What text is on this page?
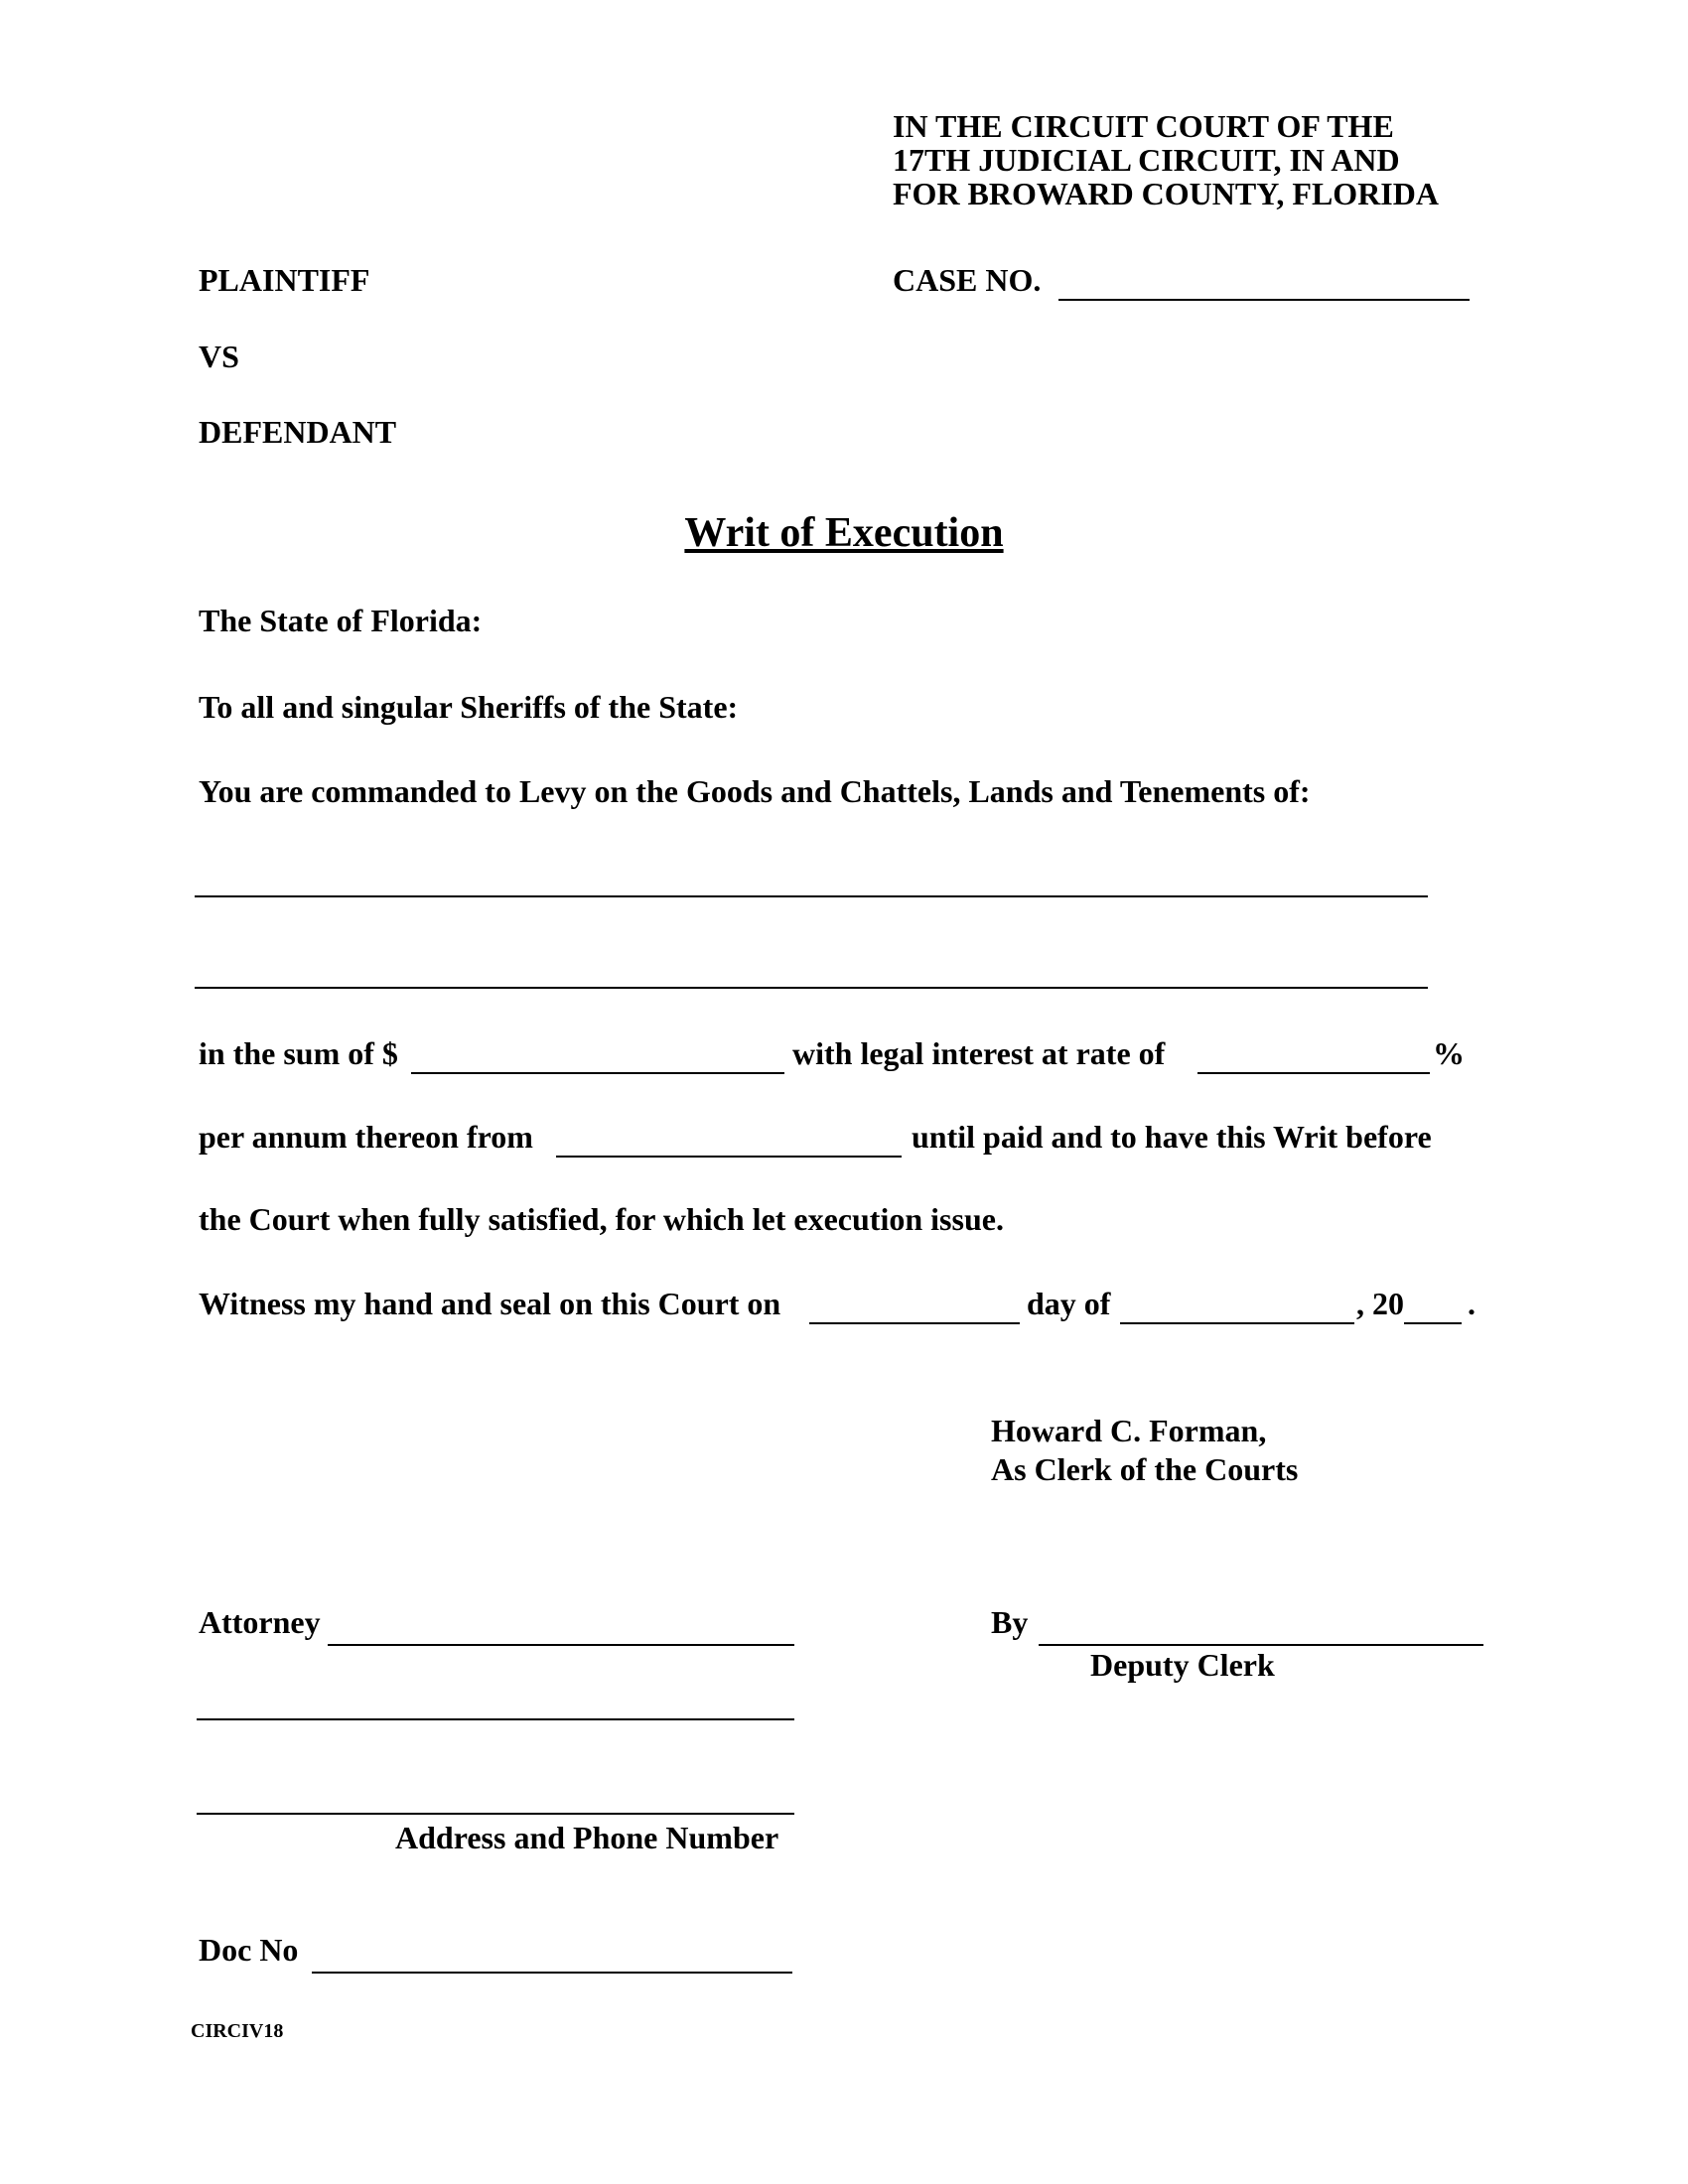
IN THE CIRCUIT COURT OF THE
17TH JUDICIAL CIRCUIT, IN AND
FOR BROWARD COUNTY, FLORIDA
PLAINTIFF
VS
DEFENDANT
CASE NO.
Writ of Execution
The State of Florida:
To all and singular Sheriffs of the State:
You are commanded to Levy on the Goods and Chattels, Lands and Tenements of:
in the sum of $	with legal interest at rate of	%
per annum thereon from	until paid and to have this Writ before
the Court when fully satisfied, for which let execution issue.
Witness my hand and seal on this Court on	day of	, 20 .
Howard C. Forman,
As Clerk of the Courts
Attorney	By
Deputy Clerk
Address and Phone Number
Doc No
CIRCIV18
